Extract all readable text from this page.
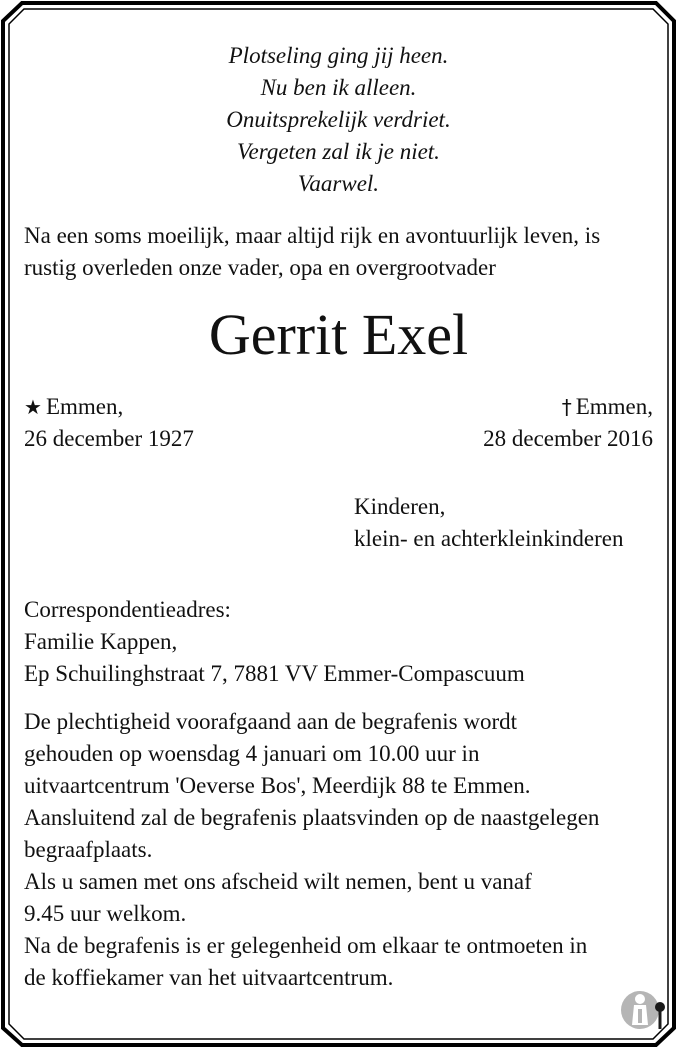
Plotseling ging jij heen.
Nu ben ik alleen.
Onuitsprekelijk verdriet.
Vergeten zal ik je niet.
Vaarwel.
Na een soms moeilijk, maar altijd rijk en avontuurlijk leven, is
rustig overleden onze vader, opa en overgrootvader
Gerrit Exel
★ Emmen,
26 december 1927
† Emmen,
28 december 2016
Kinderen,
klein- en achterkleinkinderen
Correspondentieadres:
Familie Kappen,
Ep Schuilinghstraat 7, 7881 VV Emmer-Compascuum
De plechtigheid voorafgaand aan de begrafenis wordt
gehouden op woensdag 4 januari om 10.00 uur in
uitvaartcentrum 'Oeverse Bos', Meerdijk 88 te Emmen.
Aansluitend zal de begrafenis plaatsvinden op de naastgelegen
begraafplaats.
Als u samen met ons afscheid wilt nemen, bent u vanaf
9.45 uur welkom.
Na de begrafenis is er gelegenheid om elkaar te ontmoeten in
de koffiekamer van het uitvaartcentrum.
